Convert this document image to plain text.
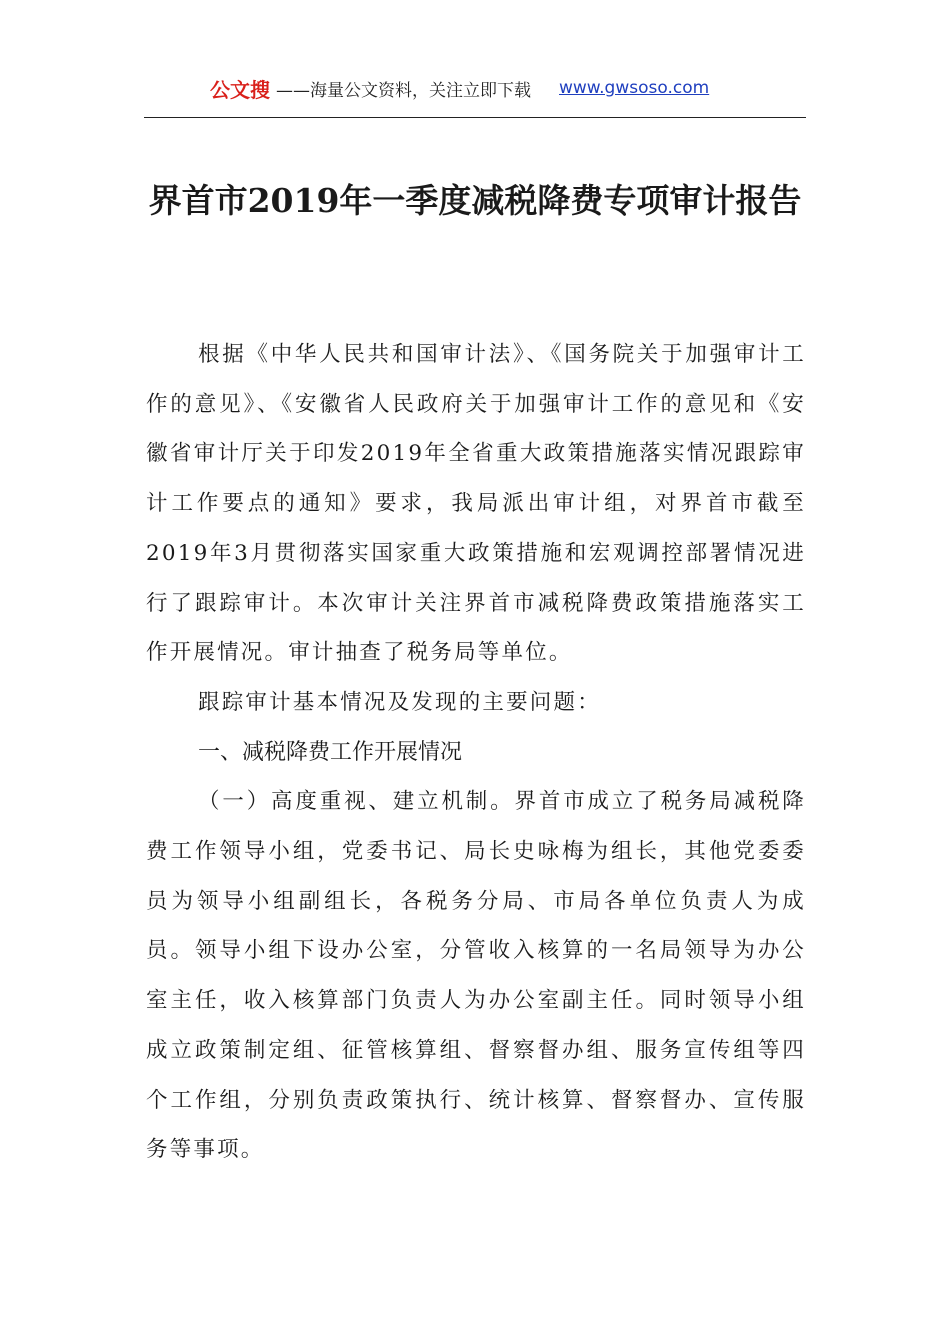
公文搜 ——海量公文资料，关注立即下载 www.gwsoso.com
界首市2019年一季度减税降费专项审计报告

根据《中华人民共和国审计法》、《国务院关于加强审计工作的意见》、《安徽省人民政府关于加强审计工作的意见和《安徽省审计厅关于印发2019年全省重大政策措施落实情况跟踪审计工作要点的通知》要求，我局派出审计组，对界首市截至2019年3月贯彻落实国家重大政策措施和宏观调控部署情况进行了跟踪审计。本次审计关注界首市减税降费政策措施落实工作开展情况。审计抽查了税务局等单位。

跟踪审计基本情况及发现的主要问题：

一、减税降费工作开展情况

（一）高度重视、建立机制。界首市成立了税务局减税降费工作领导小组，党委书记、局长史咏梅为组长，其他党委委员为领导小组副组长，各税务分局、市局各单位负责人为成员。领导小组下设办公室，分管收入核算的一名局领导为办公室主任，收入核算部门负责人为办公室副主任。同时领导小组成立政策制定组、征管核算组、督察督办组、服务宣传组等四个工作组，分别负责政策执行、统计核算、督察督办、宣传服务等事项。
